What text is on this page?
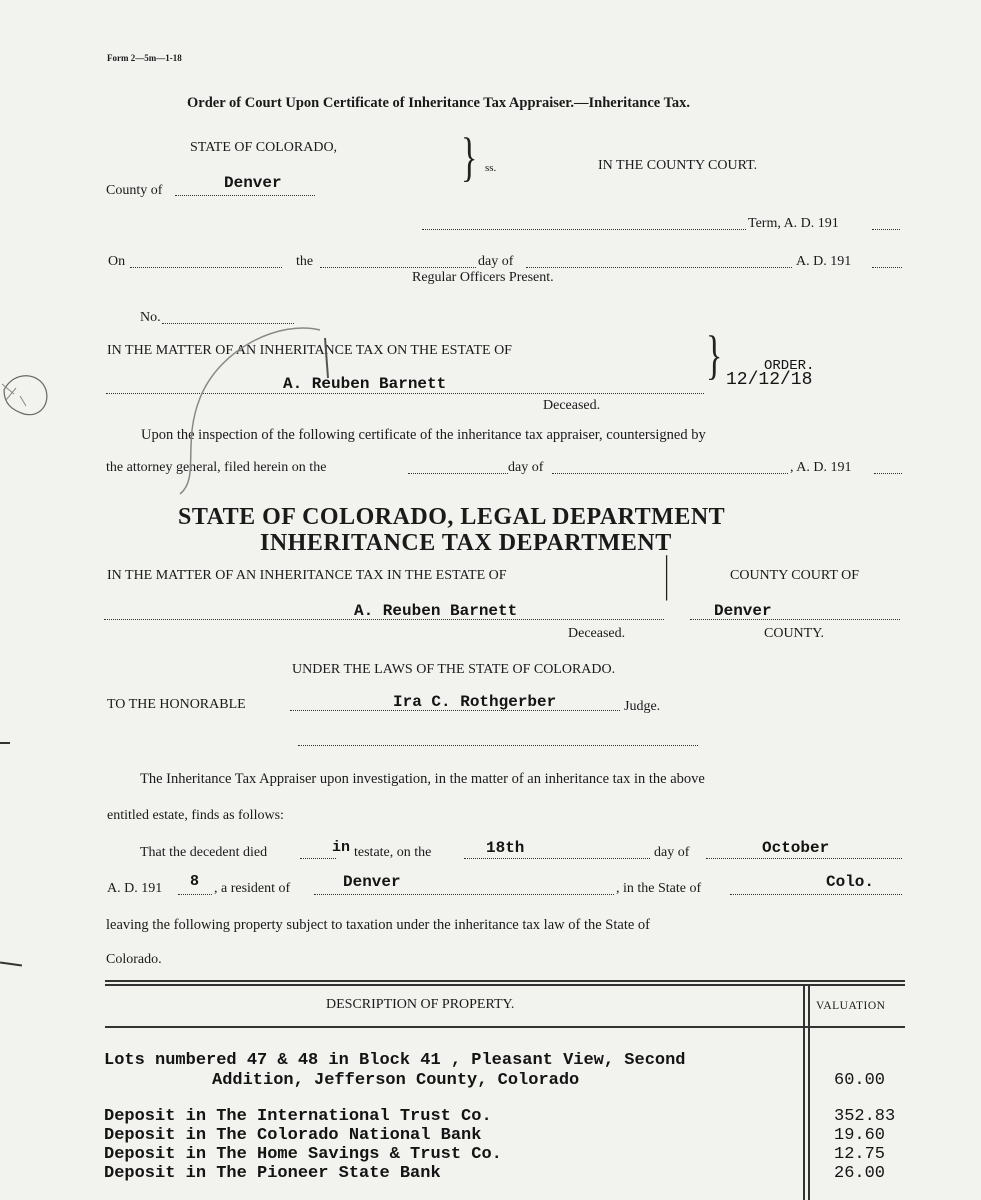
Form 2—5m—1-18
Order of Court Upon Certificate of Inheritance Tax Appraiser.—Inheritance Tax.
STATE OF COLORADO,
County of	Denver	} ss.	IN THE COUNTY COURT.
Term, A. D. 191
On	the	day of	A. D. 191
Regular Officers Present.
No.
IN THE MATTER OF AN INHERITANCE TAX ON THE ESTATE OF
A. Reuben Barnett	}	ORDER.
12/12/18
Deceased.
Upon the inspection of the following certificate of the inheritance tax appraiser, countersigned by
the attorney general, filed herein on the	day of	, A. D. 191
STATE OF COLORADO, LEGAL DEPARTMENT
INHERITANCE TAX DEPARTMENT
IN THE MATTER OF AN INHERITANCE TAX IN THE ESTATE OF	COUNTY COURT OF
|
A. Reuben Barnett	Denver
Deceased.	COUNTY.
UNDER THE LAWS OF THE STATE OF COLORADO.
TO THE HONORABLE	Ira C. Rothgerber	Judge.
The Inheritance Tax Appraiser upon investigation, in the matter of an inheritance tax in the above
entitled estate, finds as follows:
That the decedent died	in testate, on the	18th	day of	October
A. D. 191 8 , a resident of	Denver	, in the State of	Colo.
leaving the following property subject to taxation under the inheritance tax law of the State of
Colorado.
DESCRIPTION OF PROPERTY.	VALUATION
Lots numbered 47 & 48 in Block 41 , Pleasant View, Second
Addition, Jefferson County, Colorado	60.00
Deposit in The International Trust Co.	352.83
Deposit in The Colorado National Bank	19.60
Deposit in The Home Savings & Trust Co.	12.75
Deposit in The Pioneer State Bank	26.00
